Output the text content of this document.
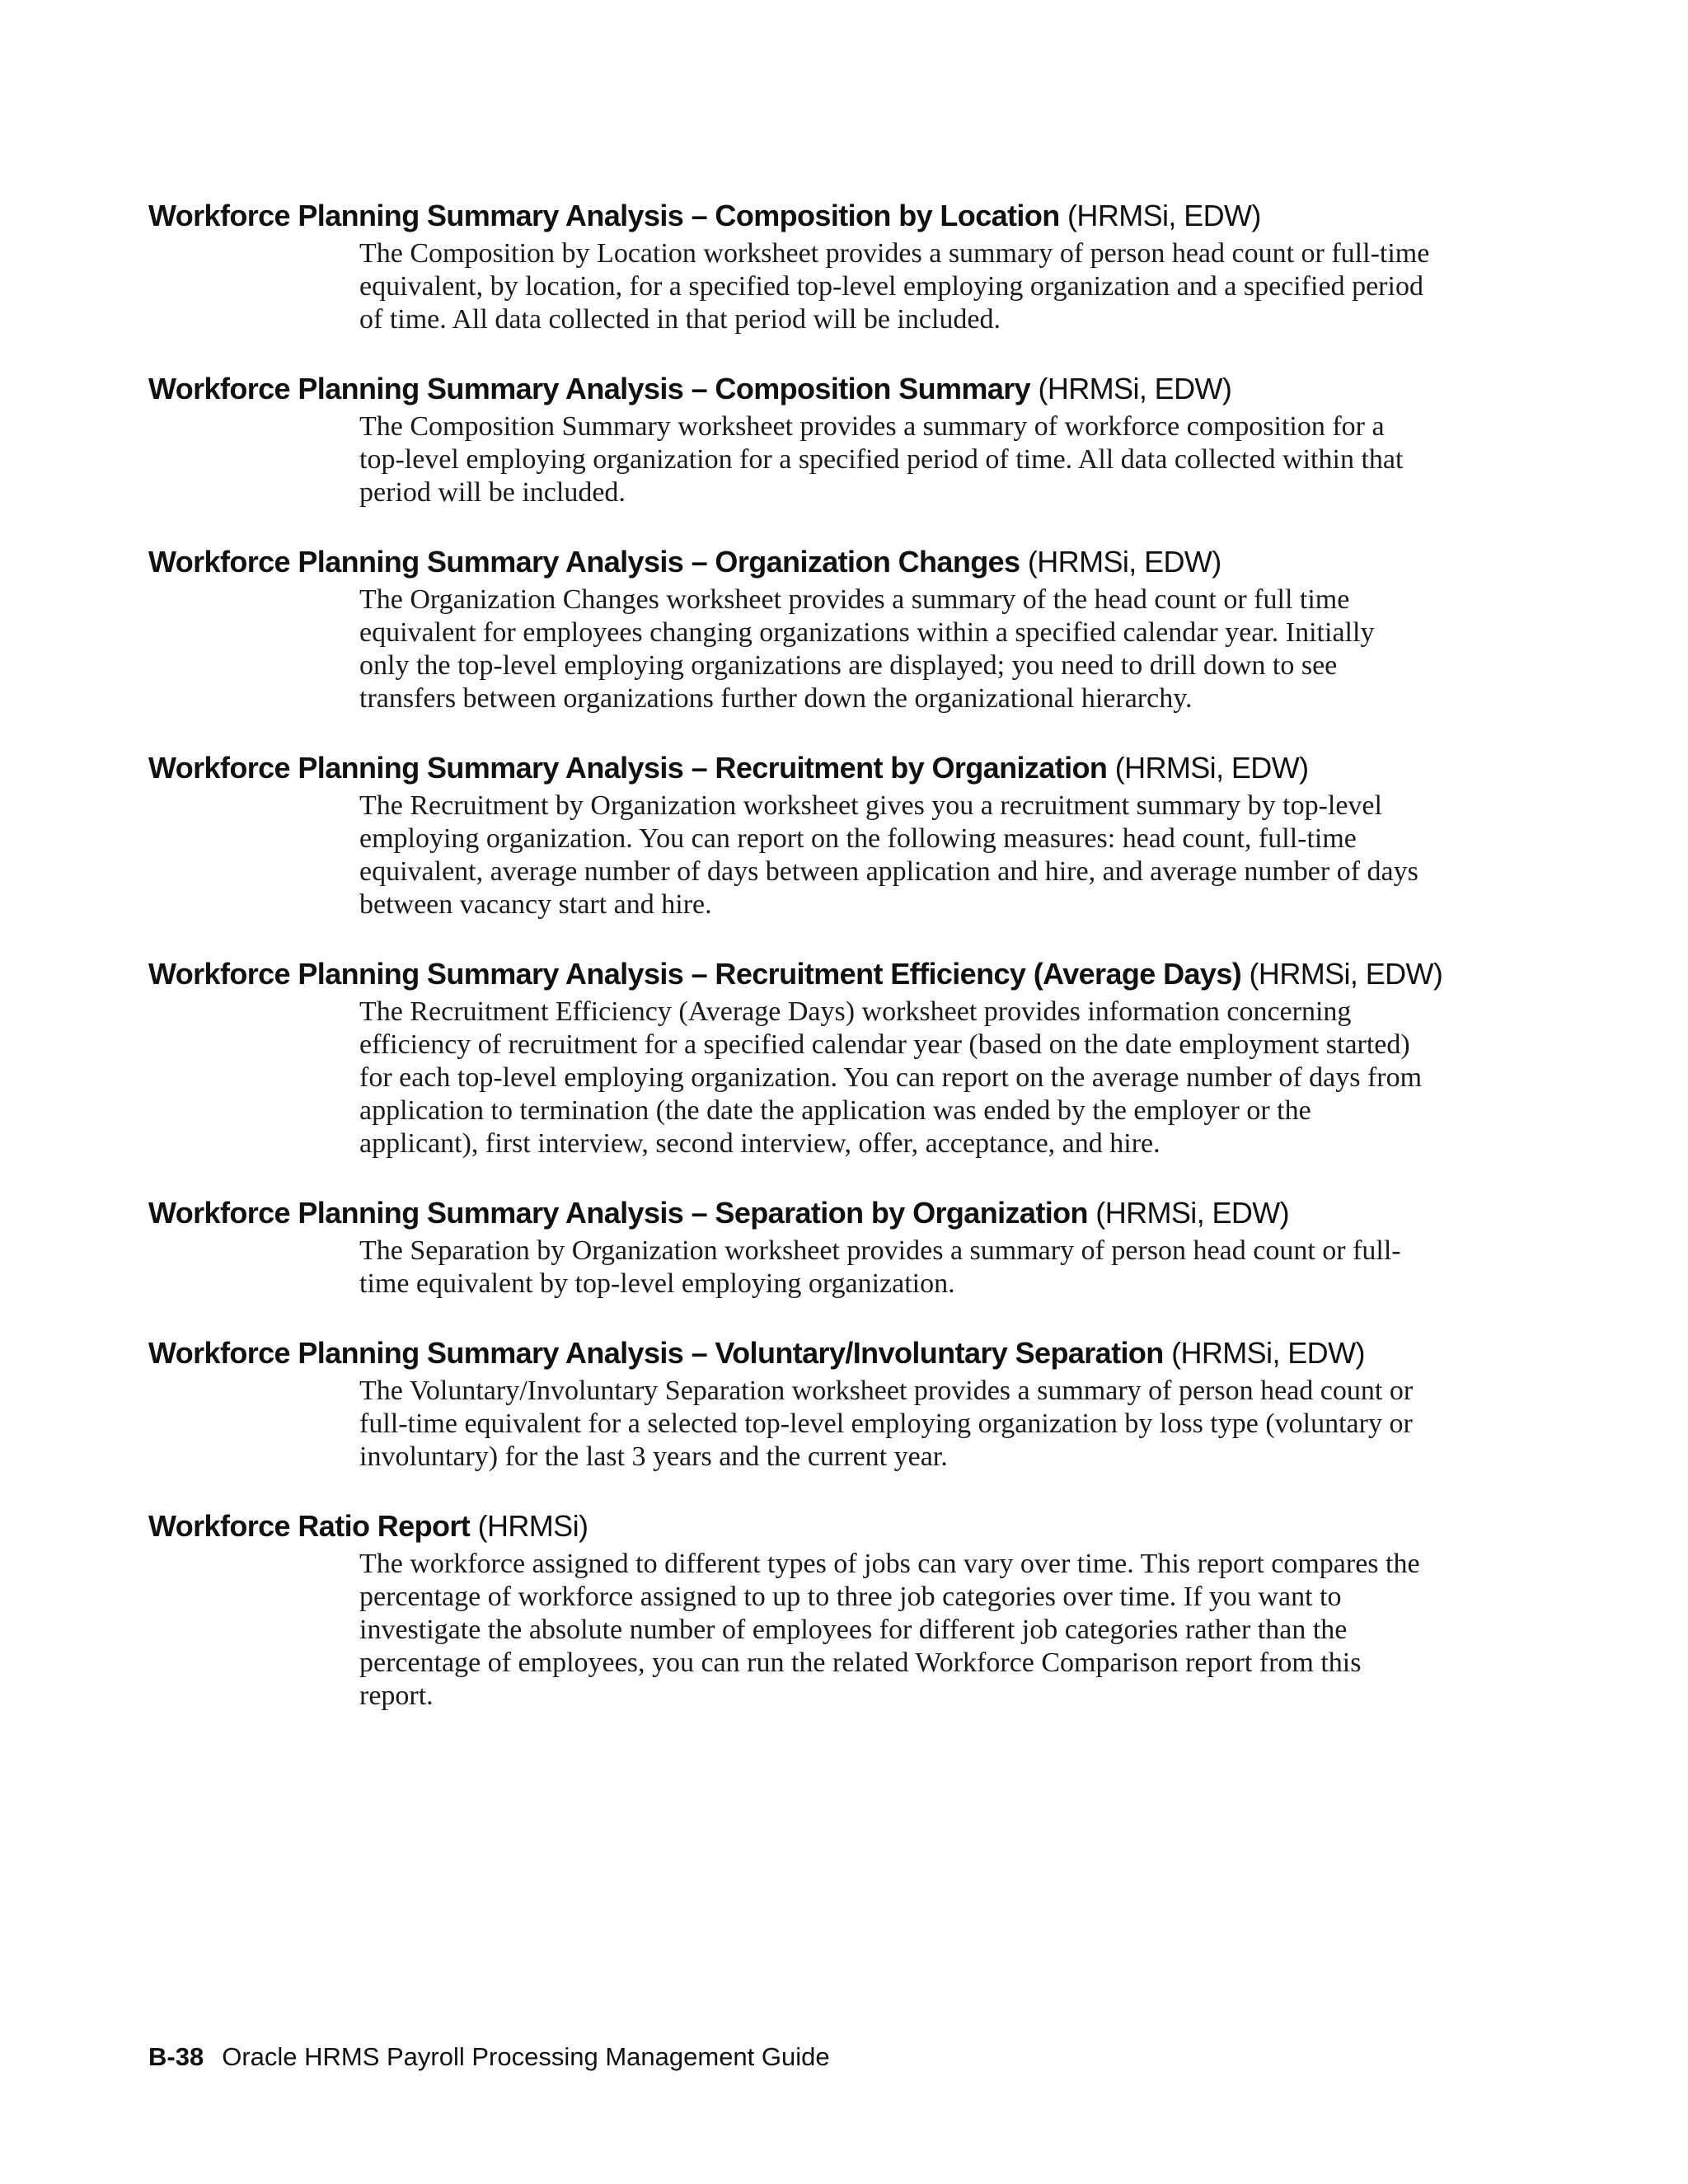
Workforce Planning Summary Analysis – Composition by Location (HRMSi, EDW)
The Composition by Location worksheet provides a summary of person head count or full-time equivalent, by location, for a specified top-level employing organization and a specified period of time. All data collected in that period will be included.
Workforce Planning Summary Analysis – Composition Summary (HRMSi, EDW)
The Composition Summary worksheet provides a summary of workforce composition for a top-level employing organization for a specified period of time. All data collected within that period will be included.
Workforce Planning Summary Analysis – Organization Changes (HRMSi, EDW)
The Organization Changes worksheet provides a summary of the head count or full time equivalent for employees changing organizations within a specified calendar year. Initially only the top-level employing organizations are displayed; you need to drill down to see transfers between organizations further down the organizational hierarchy.
Workforce Planning Summary Analysis – Recruitment by Organization (HRMSi, EDW)
The Recruitment by Organization worksheet gives you a recruitment summary by top-level employing organization. You can report on the following measures: head count, full-time equivalent, average number of days between application and hire, and average number of days between vacancy start and hire.
Workforce Planning Summary Analysis – Recruitment Efficiency (Average Days) (HRMSi, EDW)
The Recruitment Efficiency (Average Days) worksheet provides information concerning efficiency of recruitment for a specified calendar year (based on the date employment started) for each top-level employing organization. You can report on the average number of days from application to termination (the date the application was ended by the employer or the applicant), first interview, second interview, offer, acceptance, and hire.
Workforce Planning Summary Analysis – Separation by Organization (HRMSi, EDW)
The Separation by Organization worksheet provides a summary of person head count or full-time equivalent by top-level employing organization.
Workforce Planning Summary Analysis – Voluntary/Involuntary Separation (HRMSi, EDW)
The Voluntary/Involuntary Separation worksheet provides a summary of person head count or full-time equivalent for a selected top-level employing organization by loss type (voluntary or involuntary) for the last 3 years and the current year.
Workforce Ratio Report (HRMSi)
The workforce assigned to different types of jobs can vary over time. This report compares the percentage of workforce assigned to up to three job categories over time. If you want to investigate the absolute number of employees for different job categories rather than the percentage of employees, you can run the related Workforce Comparison report from this report.
B-38 Oracle HRMS Payroll Processing Management Guide
